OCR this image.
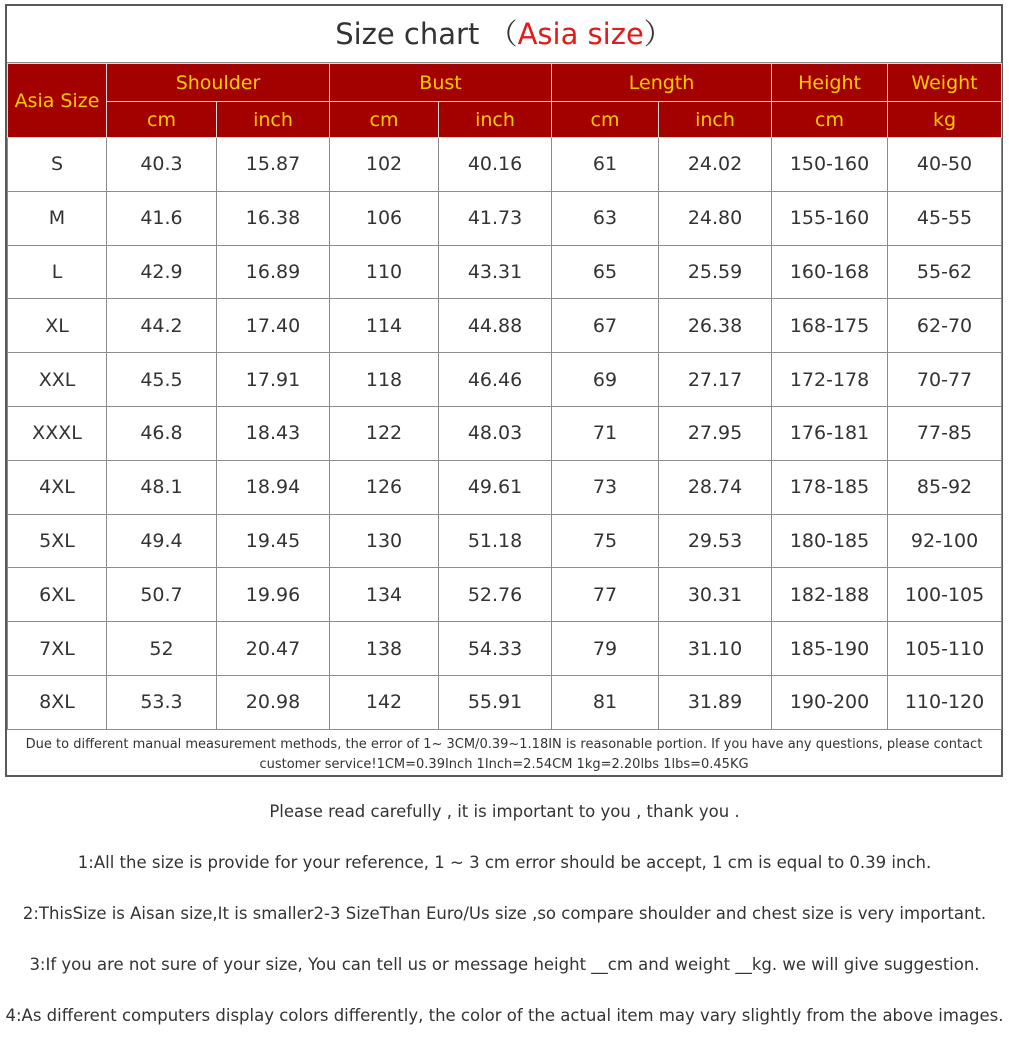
Size chart （Asia size）
Asia Size	Shoulder		Bust		Length		Height	Weight
	cm	inch	cm	inch	cm	inch	cm	kg
S	40.3	15.87	102	40.16	61	24.02	150-160	40-50
M	41.6	16.38	106	41.73	63	24.80	155-160	45-55
L	42.9	16.89	110	43.31	65	25.59	160-168	55-62
XL	44.2	17.40	114	44.88	67	26.38	168-175	62-70
XXL	45.5	17.91	118	46.46	69	27.17	172-178	70-77
XXXL	46.8	18.43	122	48.03	71	27.95	176-181	77-85
4XL	48.1	18.94	126	49.61	73	28.74	178-185	85-92
5XL	49.4	19.45	130	51.18	75	29.53	180-185	92-100
6XL	50.7	19.96	134	52.76	77	30.31	182-188	100-105
7XL	52	20.47	138	54.33	79	31.10	185-190	105-110
8XL	53.3	20.98	142	55.91	81	31.89	190-200	110-120
Due to different manual measurement methods, the error of 1~ 3CM/0.39~1.18IN is reasonable portion. If you have any questions, please contact customer service!1CM=0.39Inch 1Inch=2.54CM 1kg=2.20lbs 1lbs=0.45KG

Please read carefully , it is important to you , thank you .

1:All the size is provide for your reference, 1 ~ 3 cm error should be accept, 1 cm is equal to 0.39 inch.

2:ThisSize is Aisan size,It is smaller2-3 SizeThan Euro/Us size ,so compare shoulder and chest size is very important.

3:If you are not sure of your size, You can tell us or message height __cm and weight __kg. we will give suggestion.

4:As different computers display colors differently, the color of the actual item may vary slightly from the above images.
